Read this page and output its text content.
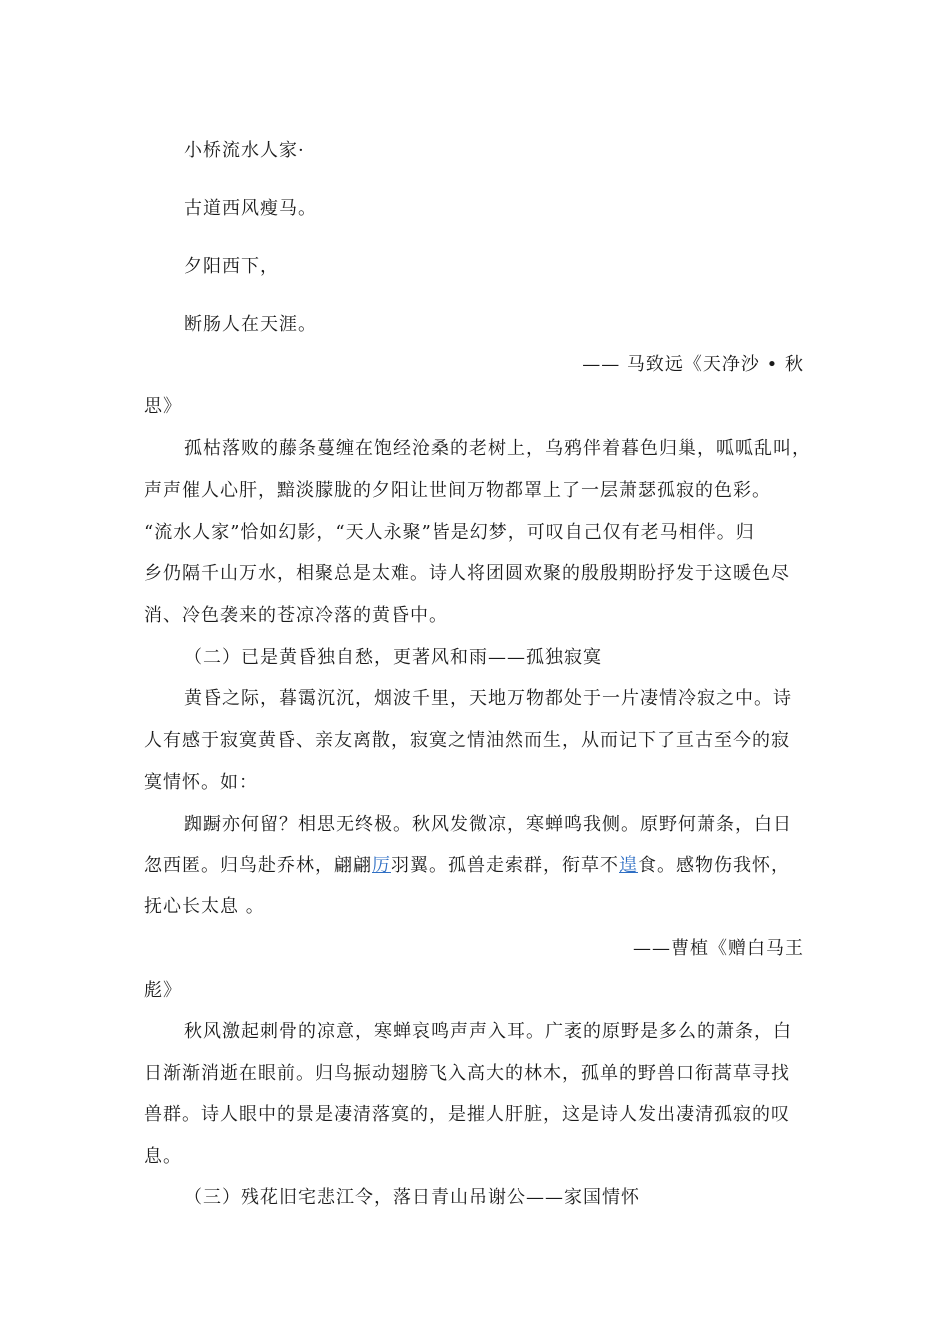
小桥流水人家·
古道西风瘦马。
夕阳西下，
断肠人在天涯。
—— 马致远《天净沙 • 秋
思》
孤枯落败的藤条蔓缠在饱经沧桑的老树上，乌鸦伴着暮色归巢，呱呱乱叫，
声声催人心肝，黯淡朦胧的夕阳让世间万物都罩上了一层萧瑟孤寂的色彩。
“流水人家”恰如幻影，“天人永聚”皆是幻梦，可叹自己仅有老马相伴。归
乡仍隔千山万水，相聚总是太难。诗人将团圆欢聚的殷殷期盼抒发于这暖色尽
消、冷色袭来的苍凉冷落的黄昏中。
（二）已是黄昏独自愁，更著风和雨——孤独寂寞
黄昏之际，暮霭沉沉，烟波千里，天地万物都处于一片凄情冷寂之中。诗
人有感于寂寞黄昏、亲友离散，寂寞之情油然而生，从而记下了亘古至今的寂
寞情怀。如：
踟蹰亦何留？相思无终极。秋风发微凉，寒蝉鸣我侧。原野何萧条，白日
忽西匿。归鸟赴乔林，翩翩厉羽翼。孤兽走索群，衔草不遑食。感物伤我怀，
抚心长太息 。
——曹植《赠白马王
彪》
秋风激起刺骨的凉意，寒蝉哀鸣声声入耳。广袤的原野是多么的萧条，白
日渐渐消逝在眼前。归鸟振动翅膀飞入高大的林木，孤单的野兽口衔蒿草寻找
兽群。诗人眼中的景是凄清落寞的，是摧人肝脏，这是诗人发出凄清孤寂的叹
息。
（三）残花旧宅悲江令，落日青山吊谢公——家国情怀
